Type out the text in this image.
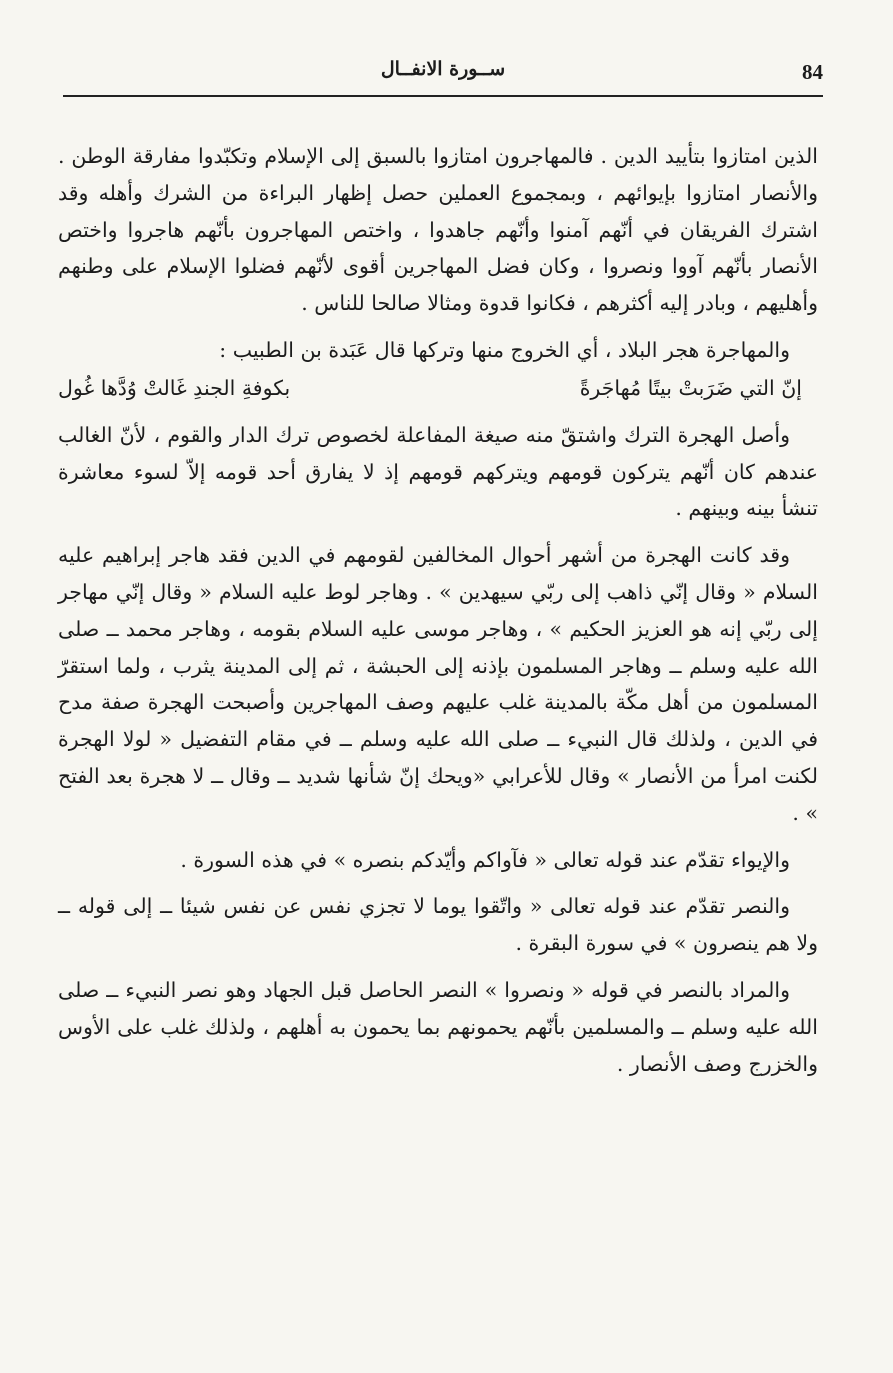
84
ســورة الانفــال

الذين امتازوا بتأييد الدين . فالمهاجرون امتازوا بالسبق إلى الإسلام وتكبّدوا مفارقة الوطن . والأنصار امتازوا بإيوائهم ، وبمجموع العملين حصل إظهار البراءة من الشرك وأهله وقد اشترك الفريقان في أنّهم آمنوا وأنّهم جاهدوا ، واختص المهاجرون بأنّهم هاجروا واختص الأنصار بأنّهم آووا ونصروا ، وكان فضل المهاجرين أقوى لأنّهم فضلوا الإسلام على وطنهم وأهليهم ، وبادر إليه أكثرهم ، فكانوا قدوة ومثالا صالحا للناس .

والمهاجرة هجر البلاد ، أي الخروج منها وتركها قال عَبَدة بن الطبيب :

إنّ التي ضَرَبتْ بيتًا مُهاجَرةً
بكوفةِ الجندِ غَالتْ وُدَّها غُول

وأصل الهجرة الترك واشتقّ منه صيغة المفاعلة لخصوص ترك الدار والقوم ، لأنّ الغالب عندهم كان أنّهم يتركون قومهم ويتركهم قومهم إذ لا يفارق أحد قومه إلاّ لسوء معاشرة تنشأ بينه وبينهم .

وقد كانت الهجرة من أشهر أحوال المخالفين لقومهم في الدين فقد هاجر إبراهيم عليه السلام « وقال إنّي ذاهب إلى ربّي سيهدين » . وهاجر لوط عليه السلام « وقال إنّي مهاجر إلى ربّي إنه هو العزيز الحكيم » ، وهاجر موسى عليه السلام بقومه ، وهاجر محمد ــ صلى الله عليه وسلم ــ وهاجر المسلمون بإذنه إلى الحبشة ، ثم إلى المدينة يثرب ، ولما استقرّ المسلمون من أهل مكّة بالمدينة غلب عليهم وصف المهاجرين وأصبحت الهجرة صفة مدح في الدين ، ولذلك قال النبيء ــ صلى الله عليه وسلم ــ في مقام التفضيل « لولا الهجرة لكنت امرأ من الأنصار » وقال للأعرابي «ويحك إنّ شأنها شديد ــ وقال ــ لا هجرة بعد الفتح » .

والإيواء تقدّم عند قوله تعالى « فآواكم وأيّدكم بنصره » في هذه السورة .

والنصر تقدّم عند قوله تعالى « واتّقوا يوما لا تجزي نفس عن نفس شيئا ــ إلى قوله ــ ولا هم ينصرون » في سورة البقرة .

والمراد بالنصر في قوله « ونصروا » النصر الحاصل قبل الجهاد وهو نصر النبيء ــ صلى الله عليه وسلم ــ والمسلمين بأنّهم يحمونهم بما يحمون به أهلهم ، ولذلك غلب على الأوس والخزرج وصف الأنصار .
